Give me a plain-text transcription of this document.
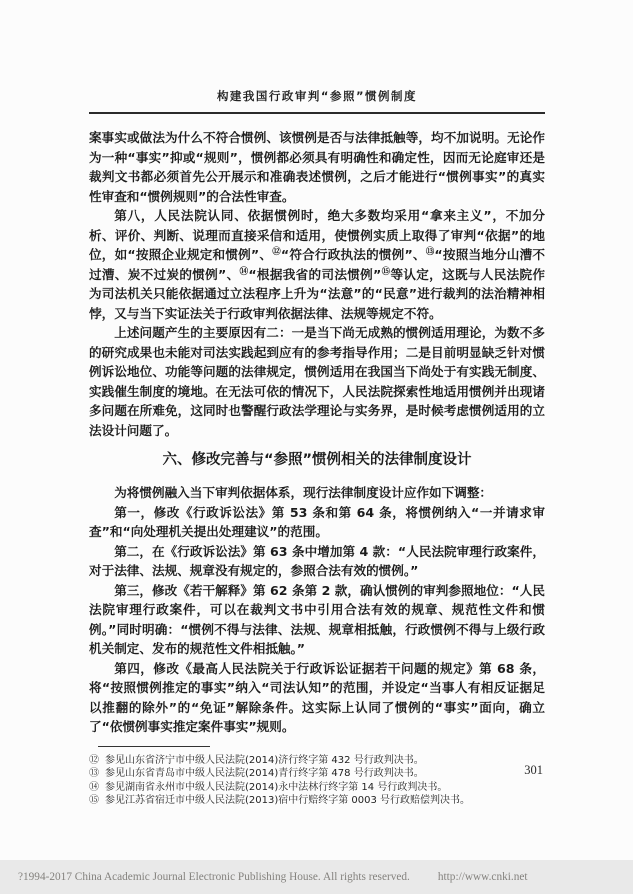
构建我国行政审判“参照”惯例制度

案事实或做法为什么不符合惯例、该惯例是否与法律抵触等，均不加说明。无论作为一种“事实”抑或“规则”，惯例都必须具有明确性和确定性，因而无论庭审还是裁判文书都必须首先公开展示和准确表述惯例，之后才能进行“惯例事实”的真实性审查和“惯例规则”的合法性审查。

第八，人民法院认同、依据惯例时，绝大多数均采用“拿来主义”，不加分析、评价、判断、说理而直接采信和适用，使惯例实质上取得了审判“依据”的地位，如“按照企业规定和惯例”、⑫“符合行政执法的惯例”、⑬“按照当地分山漕不过漕、炭不过炭的惯例”、⑭“根据我省的司法惯例”⑮等认定，这既与人民法院作为司法机关只能依据通过立法程序上升为“法意”的“民意”进行裁判的法治精神相悖，又与当下实证法关于行政审判依据法律、法规等规定不符。

上述问题产生的主要原因有二：一是当下尚无成熟的惯例适用理论，为数不多的研究成果也未能对司法实践起到应有的参考指导作用；二是目前明显缺乏针对惯例诉讼地位、功能等问题的法律规定，惯例适用在我国当下尚处于有实践无制度、实践催生制度的境地。在无法可依的情况下，人民法院探索性地适用惯例并出现诸多问题在所难免，这同时也警醒行政法学理论与实务界，是时候考虑惯例适用的立法设计问题了。

六、修改完善与“参照”惯例相关的法律制度设计

为将惯例融入当下审判依据体系，现行法律制度设计应作如下调整：

第一，修改《行政诉讼法》第 53 条和第 64 条，将惯例纳入“一并请求审查”和“向处理机关提出处理建议”的范围。

第二，在《行政诉讼法》第 63 条中增加第 4 款：“人民法院审理行政案件，对于法律、法规、规章没有规定的，参照合法有效的惯例。”

第三，修改《若干解释》第 62 条第 2 款，确认惯例的审判参照地位：“人民法院审理行政案件，可以在裁判文书中引用合法有效的规章、规范性文件和惯例。”同时明确：“惯例不得与法律、法规、规章相抵触，行政惯例不得与上级行政机关制定、发布的规范性文件相抵触。”

第四，修改《最高人民法院关于行政诉讼证据若干问题的规定》第 68 条，将“按照惯例推定的事实”纳入“司法认知”的范围，并设定“当事人有相反证据足以推翻的除外”的“免证”解除条件。这实际上认同了惯例的“事实”面向，确立了“依惯例事实推定案件事实”规则。

⑫ 参见山东省济宁市中级人民法院(2014)济行终字第 432 号行政判决书。
⑬ 参见山东省青岛市中级人民法院(2014)青行终字第 478 号行政判决书。
⑭ 参见湖南省永州市中级人民法院(2014)永中法林行终字第 14 号行政判决书。
⑮ 参见江苏省宿迁市中级人民法院(2013)宿中行赔终字第 0003 号行政赔偿判决书。
301
?1994-2017 China Academic Journal Electronic Publishing House. All rights reserved. http://www.cnki.net
